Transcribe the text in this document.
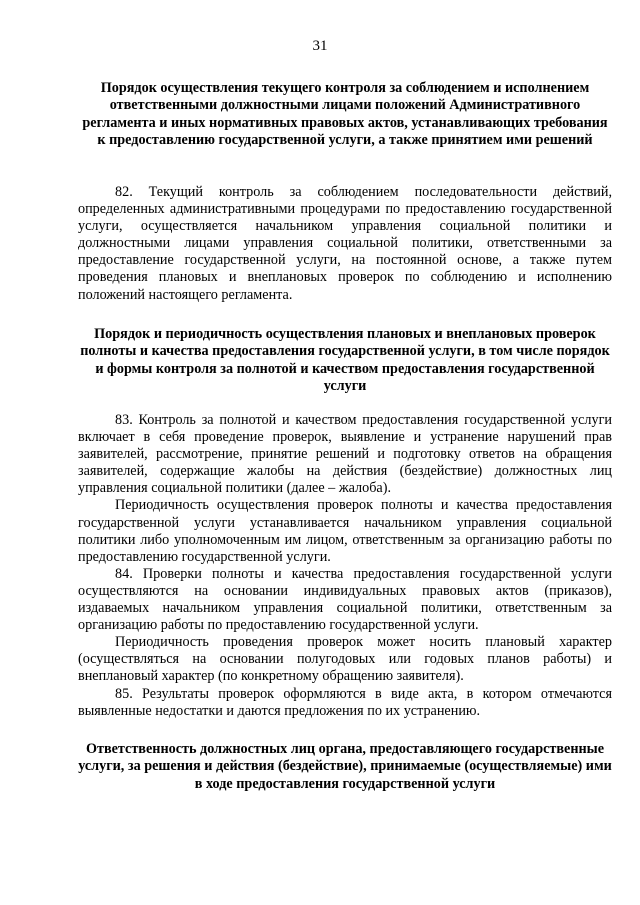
31
Порядок осуществления текущего контроля за соблюдением и исполнением ответственными должностными лицами положений Административного регламента и иных нормативных правовых актов, устанавливающих требования к предоставлению государственной услуги, а также принятием ими решений

82. Текущий контроль за соблюдением последовательности действий, определенных административными процедурами по предоставлению государственной услуги, осуществляется начальником управления социальной политики и должностными лицами управления социальной политики, ответственными за предоставление государственной услуги, на постоянной основе, а также путем проведения плановых и внеплановых проверок по соблюдению и исполнению положений настоящего регламента.

Порядок и периодичность осуществления плановых и внеплановых проверок полноты и качества предоставления государственной услуги, в том числе порядок и формы контроля за полнотой и качеством предоставления государственной услуги

83. Контроль за полнотой и качеством предоставления государственной услуги включает в себя проведение проверок, выявление и устранение нарушений прав заявителей, рассмотрение, принятие решений и подготовку ответов на обращения заявителей, содержащие жалобы на действия (бездействие) должностных лиц управления социальной политики (далее – жалоба).

Периодичность осуществления проверок полноты и качества предоставления государственной услуги устанавливается начальником управления социальной политики либо уполномоченным им лицом, ответственным за организацию работы по предоставлению государственной услуги.

84. Проверки полноты и качества предоставления государственной услуги осуществляются на основании индивидуальных правовых актов (приказов), издаваемых начальником управления социальной политики, ответственным за организацию работы по предоставлению государственной услуги.

Периодичность проведения проверок может носить плановый характер (осуществляться на основании полугодовых или годовых планов работы) и внеплановый характер (по конкретному обращению заявителя).

85. Результаты проверок оформляются в виде акта, в котором отмечаются выявленные недостатки и даются предложения по их устранению.

Ответственность должностных лиц органа, предоставляющего государственные услуги, за решения и действия (бездействие), принимаемые (осуществляемые) ими в ходе предоставления государственной услуги
